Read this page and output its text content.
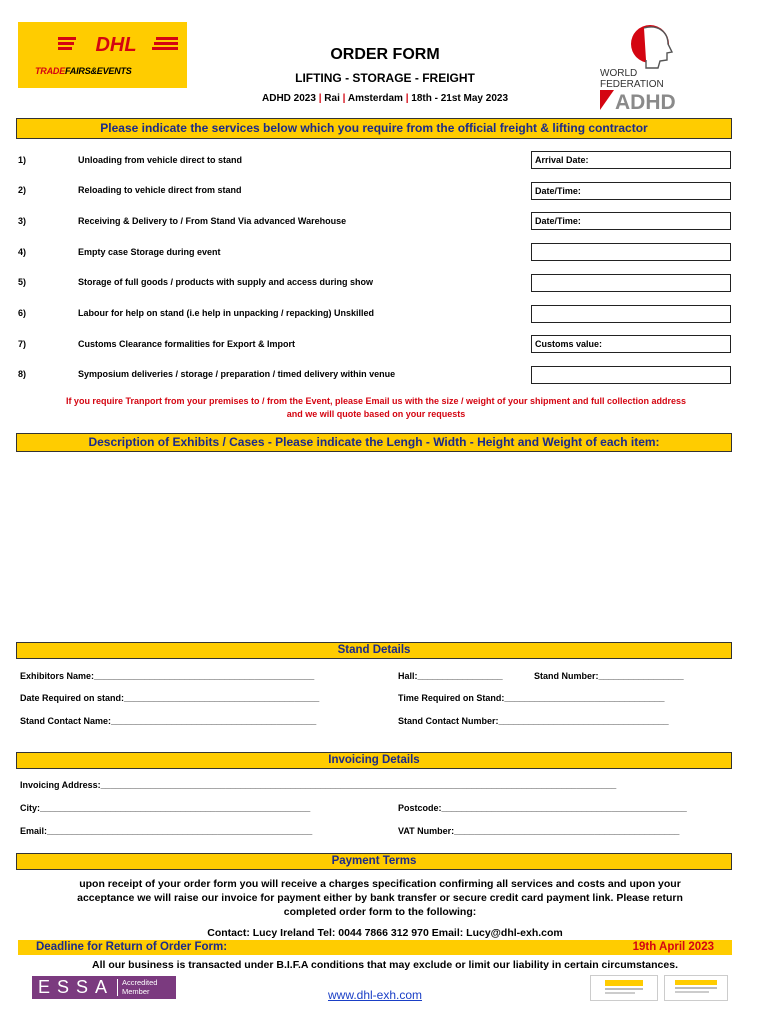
DHL
TRADEFAIRS&EVENTS
ORDER FORM
LIFTING - STORAGE - FREIGHT
ADHD 2023 | Rai | Amsterdam | 18th - 21st May 2023
WORLD
FEDERATION
ADHD
Please indicate the services below which you require from the official freight & lifting contractor
1)	Unloading from vehicle direct to stand	Arrival Date:
2)	Reloading to vehicle direct from stand	Date/Time:
3)	Receiving & Delivery to / From Stand Via advanced Warehouse	Date/Time:
4)	Empty case Storage during event
5)	Storage of full goods / products with supply and access during show
6)	Labour for help on stand (i.e help in unpacking / repacking) Unskilled
7)	Customs Clearance formalities for Export & Import	Customs value:
8)	Symposium deliveries / storage / preparation / timed delivery within venue
If you require Tranport from your premises to / from the Event, please Email us with the size / weight of your shipment and full collection address
and we will quote based on your requests
Description of Exhibits / Cases - Please indicate the Lengh - Width - Height and Weight of each item:
Stand Details
Exhibitors Name:____________________________________________	Hall:_________________	Stand Number:_________________
Date Required on stand:_______________________________________	Time Required on Stand:________________________________
Stand Contact Name:_________________________________________	Stand Contact Number:__________________________________
Invoicing Details
Invoicing Address:_______________________________________________________________________________________________________
City:______________________________________________________	Postcode:_________________________________________________
Email:_____________________________________________________	VAT Number:_____________________________________________
Payment Terms
upon receipt of your order form you will receive a charges specification confirming all services and costs and upon your
acceptance we will raise our invoice for payment either by bank transfer or secure credit card payment link. Please return
completed order form to the following:
Contact: Lucy Ireland Tel: 0044 7866 312 970 Email: Lucy@dhl-exh.com
Deadline for Return of Order Form:	19th April 2023
All our business is transacted under B.I.F.A conditions that may exclude or limit our liability in certain circumstances.
ESSA Accredited
Member	www.dhl-exh.com
